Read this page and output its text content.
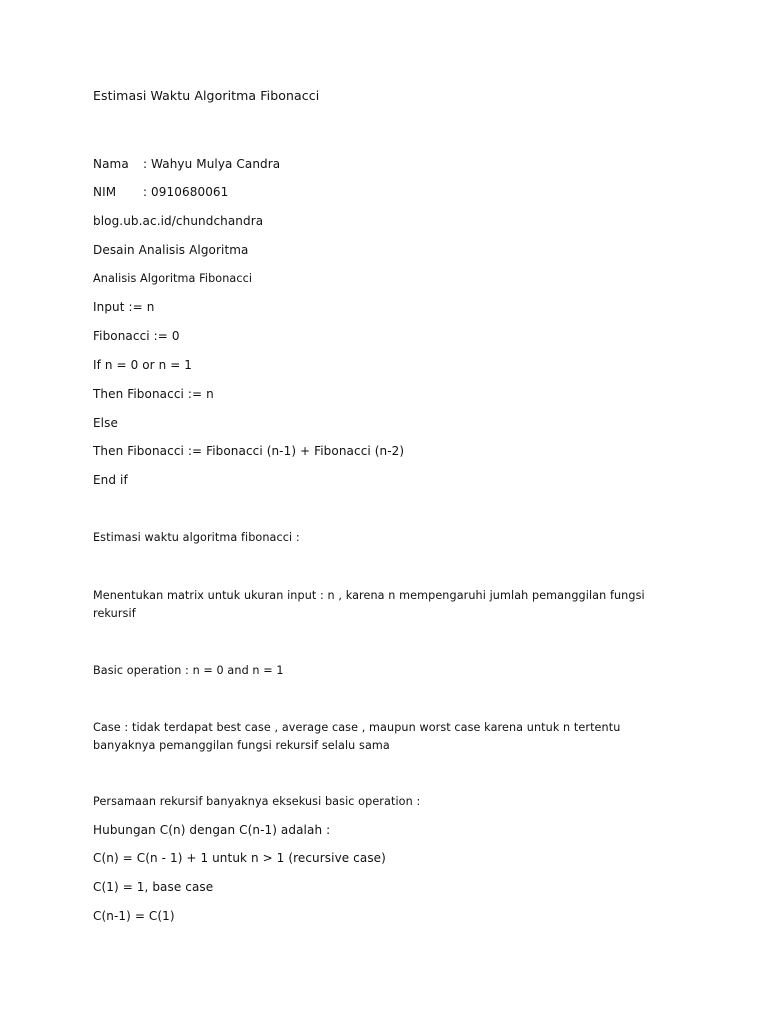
Estimasi Waktu Algoritma Fibonacci

Nama : Wahyu Mulya Candra

NIM : 0910680061

blog.ub.ac.id/chundchandra

Desain Analisis Algoritma

Analisis Algoritma Fibonacci

Input := n

Fibonacci := 0

If n = 0 or n = 1

Then Fibonacci := n

Else

Then Fibonacci := Fibonacci (n-1) + Fibonacci (n-2)

End if

Estimasi waktu algoritma fibonacci :

Menentukan matrix untuk ukuran input : n , karena n mempengaruhi jumlah pemanggilan fungsi rekursif

Basic operation : n = 0 and n = 1

Case : tidak terdapat best case , average case , maupun worst case karena untuk n tertentu banyaknya pemanggilan fungsi rekursif selalu sama

Persamaan rekursif banyaknya eksekusi basic operation :

Hubungan C(n) dengan C(n-1) adalah :

C(n) = C(n - 1) + 1 untuk n > 1 (recursive case)

C(1) = 1, base case

C(n-1) = C(1)
